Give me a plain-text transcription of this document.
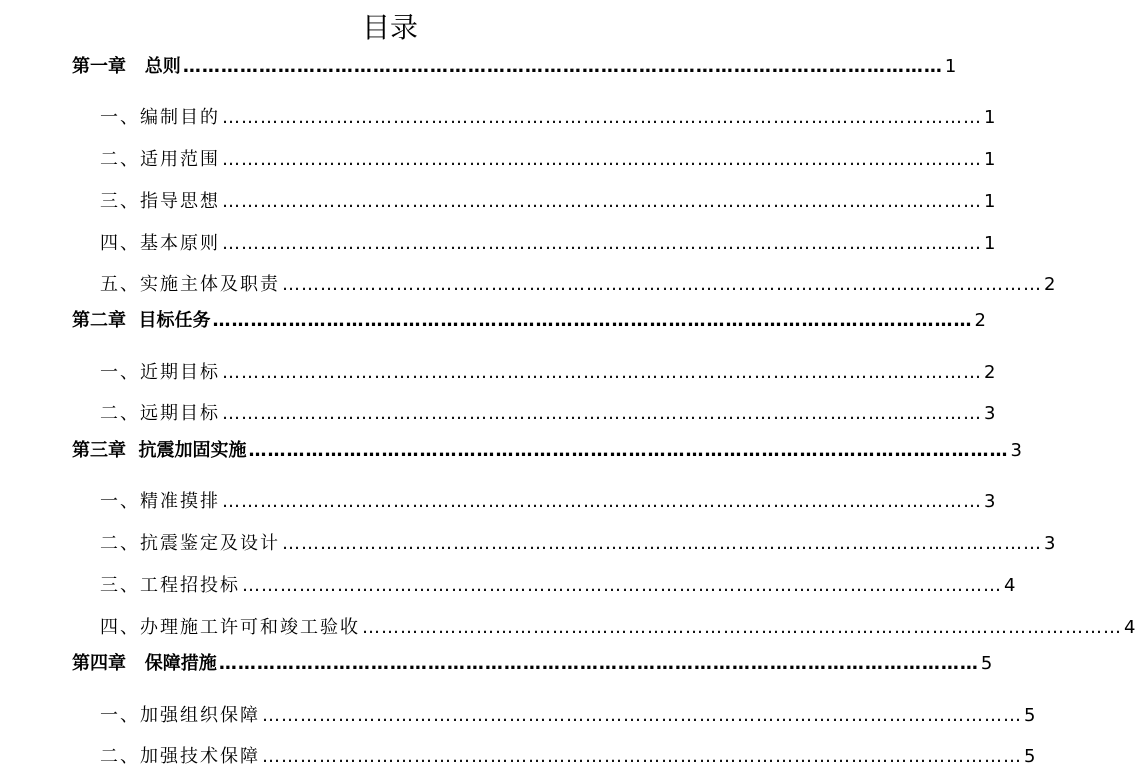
目录
第一章   总则 ………………………………………………………………………………………………………… 1
一、编制目的 ………………………………………………………………………………………………………… 1
二、适用范围 ………………………………………………………………………………………………………… 1
三、指导思想 ………………………………………………………………………………………………………… 1
四、基本原则 ………………………………………………………………………………………………………… 1
五、实施主体及职责 ………………………………………………………………………………………………………… 2
第二章  目标任务 ………………………………………………………………………………………………………… 2
一、近期目标 ………………………………………………………………………………………………………… 2
二、远期目标 ………………………………………………………………………………………………………… 3
第三章  抗震加固实施 ………………………………………………………………………………………………………… 3
一、精准摸排 ………………………………………………………………………………………………………… 3
二、抗震鉴定及设计 ………………………………………………………………………………………………………… 3
三、工程招投标 ………………………………………………………………………………………………………… 4
四、办理施工许可和竣工验收 ………………………………………………………………………………………………………… 4
第四章   保障措施 ………………………………………………………………………………………………………… 5
一、加强组织保障 ………………………………………………………………………………………………………… 5
二、加强技术保障 ………………………………………………………………………………………………………… 5
